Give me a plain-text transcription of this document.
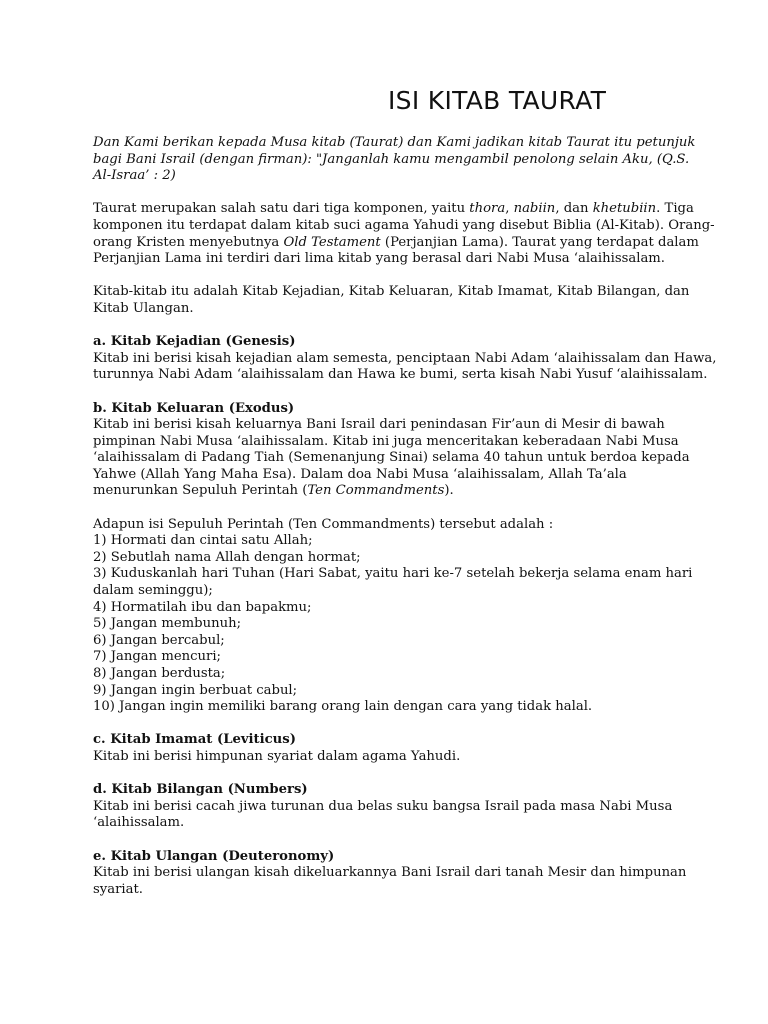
ISI KITAB TAURAT

Dan Kami berikan kepada Musa kitab (Taurat) dan Kami jadikan kitab Taurat itu petunjuk
bagi Bani Israil (dengan firman): "Janganlah kamu mengambil penolong selain Aku, (Q.S.
Al-Israa’ : 2)

Taurat merupakan salah satu dari tiga komponen, yaitu thora, nabiin, dan khetubiin. Tiga
komponen itu terdapat dalam kitab suci agama Yahudi yang disebut Biblia (Al-Kitab). Orang-
orang Kristen menyebutnya Old Testament (Perjanjian Lama). Taurat yang terdapat dalam
Perjanjian Lama ini terdiri dari lima kitab yang berasal dari Nabi Musa ‘alaihissalam.

Kitab-kitab itu adalah Kitab Kejadian, Kitab Keluaran, Kitab Imamat, Kitab Bilangan, dan
Kitab Ulangan.

a. Kitab Kejadian (Genesis)
Kitab ini berisi kisah kejadian alam semesta, penciptaan Nabi Adam ‘alaihissalam dan Hawa,
turunnya Nabi Adam ‘alaihissalam dan Hawa ke bumi, serta kisah Nabi Yusuf ‘alaihissalam.

b. Kitab Keluaran (Exodus)
Kitab ini berisi kisah keluarnya Bani Israil dari penindasan Fir’aun di Mesir di bawah
pimpinan Nabi Musa ‘alaihissalam. Kitab ini juga menceritakan keberadaan Nabi Musa
‘alaihissalam di Padang Tiah (Semenanjung Sinai) selama 40 tahun untuk berdoa kepada
Yahwe (Allah Yang Maha Esa). Dalam doa Nabi Musa ‘alaihissalam, Allah Ta’ala
menurunkan Sepuluh Perintah (Ten Commandments).

Adapun isi Sepuluh Perintah (Ten Commandments) tersebut adalah :
1) Hormati dan cintai satu Allah;
2) Sebutlah nama Allah dengan hormat;
3) Kuduskanlah hari Tuhan (Hari Sabat, yaitu hari ke-7 setelah bekerja selama enam hari
dalam seminggu);
4) Hormatilah ibu dan bapakmu;
5) Jangan membunuh;
6) Jangan bercabul;
7) Jangan mencuri;
8) Jangan berdusta;
9) Jangan ingin berbuat cabul;
10) Jangan ingin memiliki barang orang lain dengan cara yang tidak halal.

c. Kitab Imamat (Leviticus)
Kitab ini berisi himpunan syariat dalam agama Yahudi.

d. Kitab Bilangan (Numbers)
Kitab ini berisi cacah jiwa turunan dua belas suku bangsa Israil pada masa Nabi Musa
‘alaihissalam.

e. Kitab Ulangan (Deuteronomy)
Kitab ini berisi ulangan kisah dikeluarkannya Bani Israil dari tanah Mesir dan himpunan
syariat.
